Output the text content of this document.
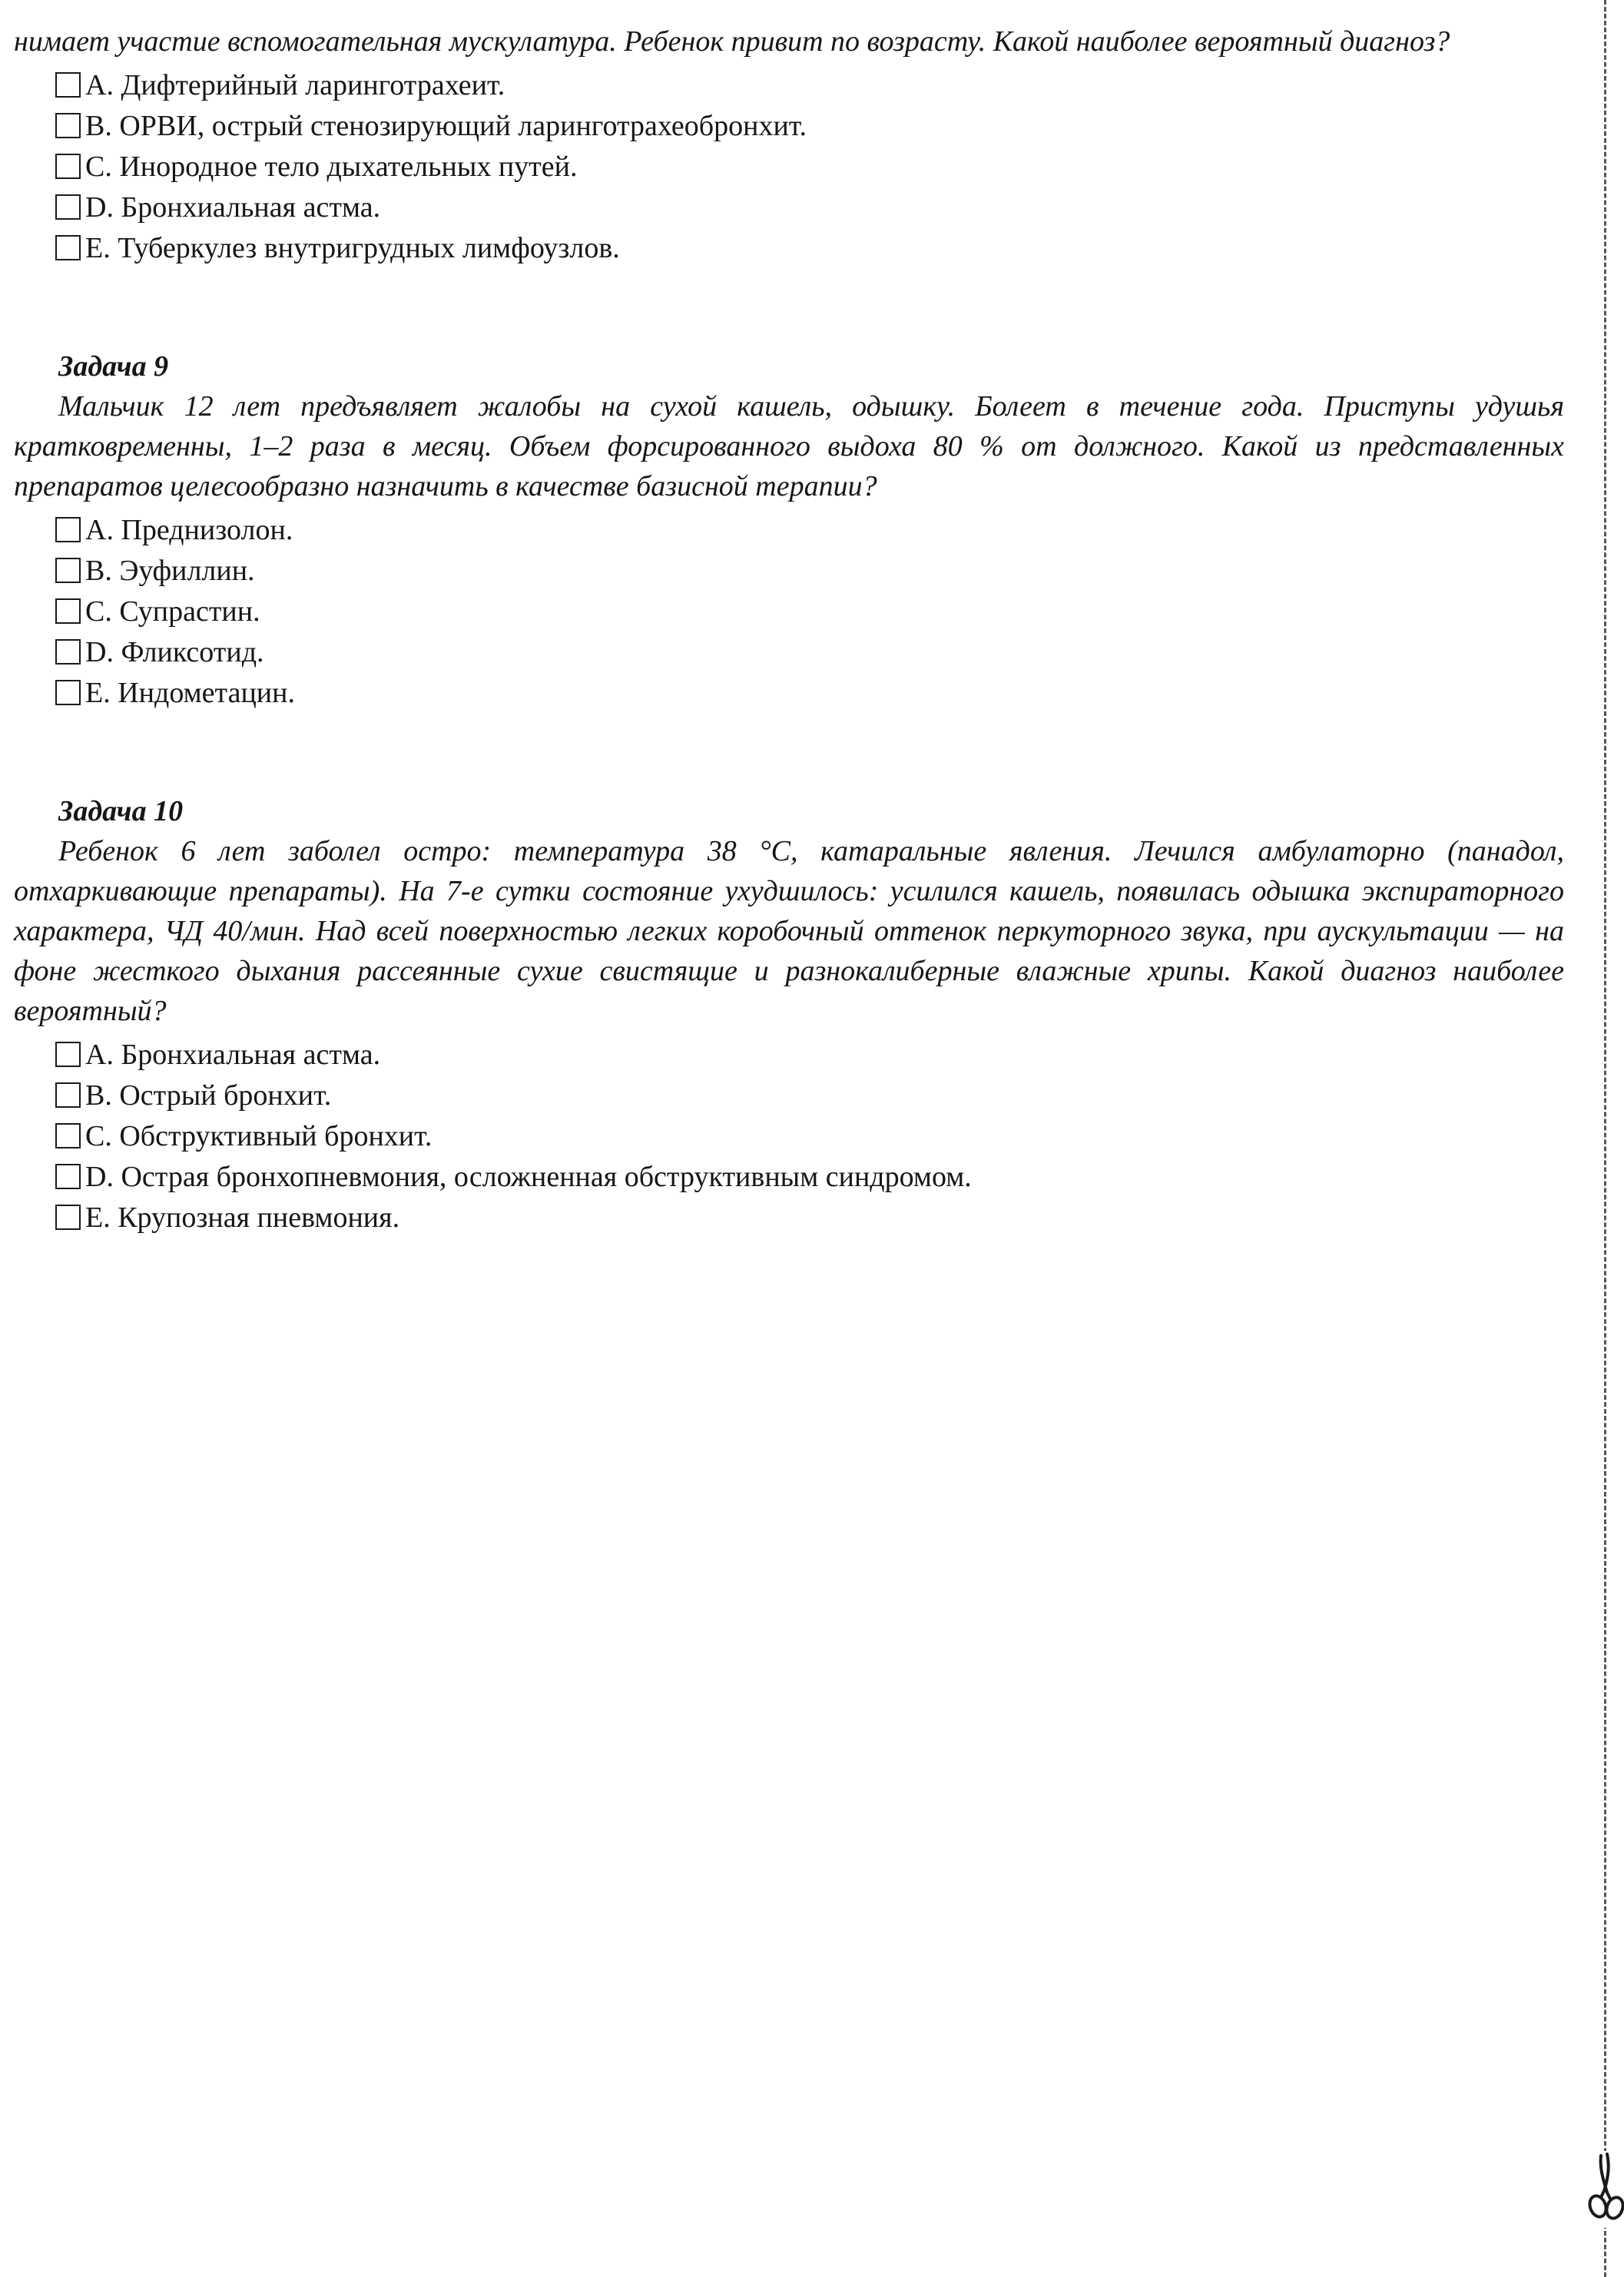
нимает участие вспомогательная мускулатура. Ребенок привит по возрасту. Какой наиболее вероятный диагноз?

A. Дифтерийный ларинготрахеит.
B. ОРВИ, острый стенозирующий ларинготрахеобронхит.
C. Инородное тело дыхательных путей.
D. Бронхиальная астма.
E. Туберкулез внутригрудных лимфоузлов.

Задача 9

Мальчик 12 лет предъявляет жалобы на сухой кашель, одышку. Болеет в течение года. Приступы удушья кратковременны, 1–2 раза в месяц. Объем форсированного выдоха 80 % от должного. Какой из представленных препаратов целесообразно назначить в качестве базисной терапии?

A. Преднизолон.
B. Эуфиллин.
C. Супрастин.
D. Фликсотид.
E. Индометацин.

Задача 10

Ребенок 6 лет заболел остро: температура 38 °C, катаральные явления. Лечился амбулаторно (панадол, отхаркивающие препараты). На 7-е сутки состояние ухудшилось: усилился кашель, появилась одышка экспираторного характера, ЧД 40/мин. Над всей поверхностью легких коробочный оттенок перкуторного звука, при аускультации — на фоне жесткого дыхания рассеянные сухие свистящие и разнокалиберные влажные хрипы. Какой диагноз наиболее вероятный?

A. Бронхиальная астма.
B. Острый бронхит.
C. Обструктивный бронхит.
D. Острая бронхопневмония, осложненная обструктивным синдромом.
E. Крупозная пневмония.
